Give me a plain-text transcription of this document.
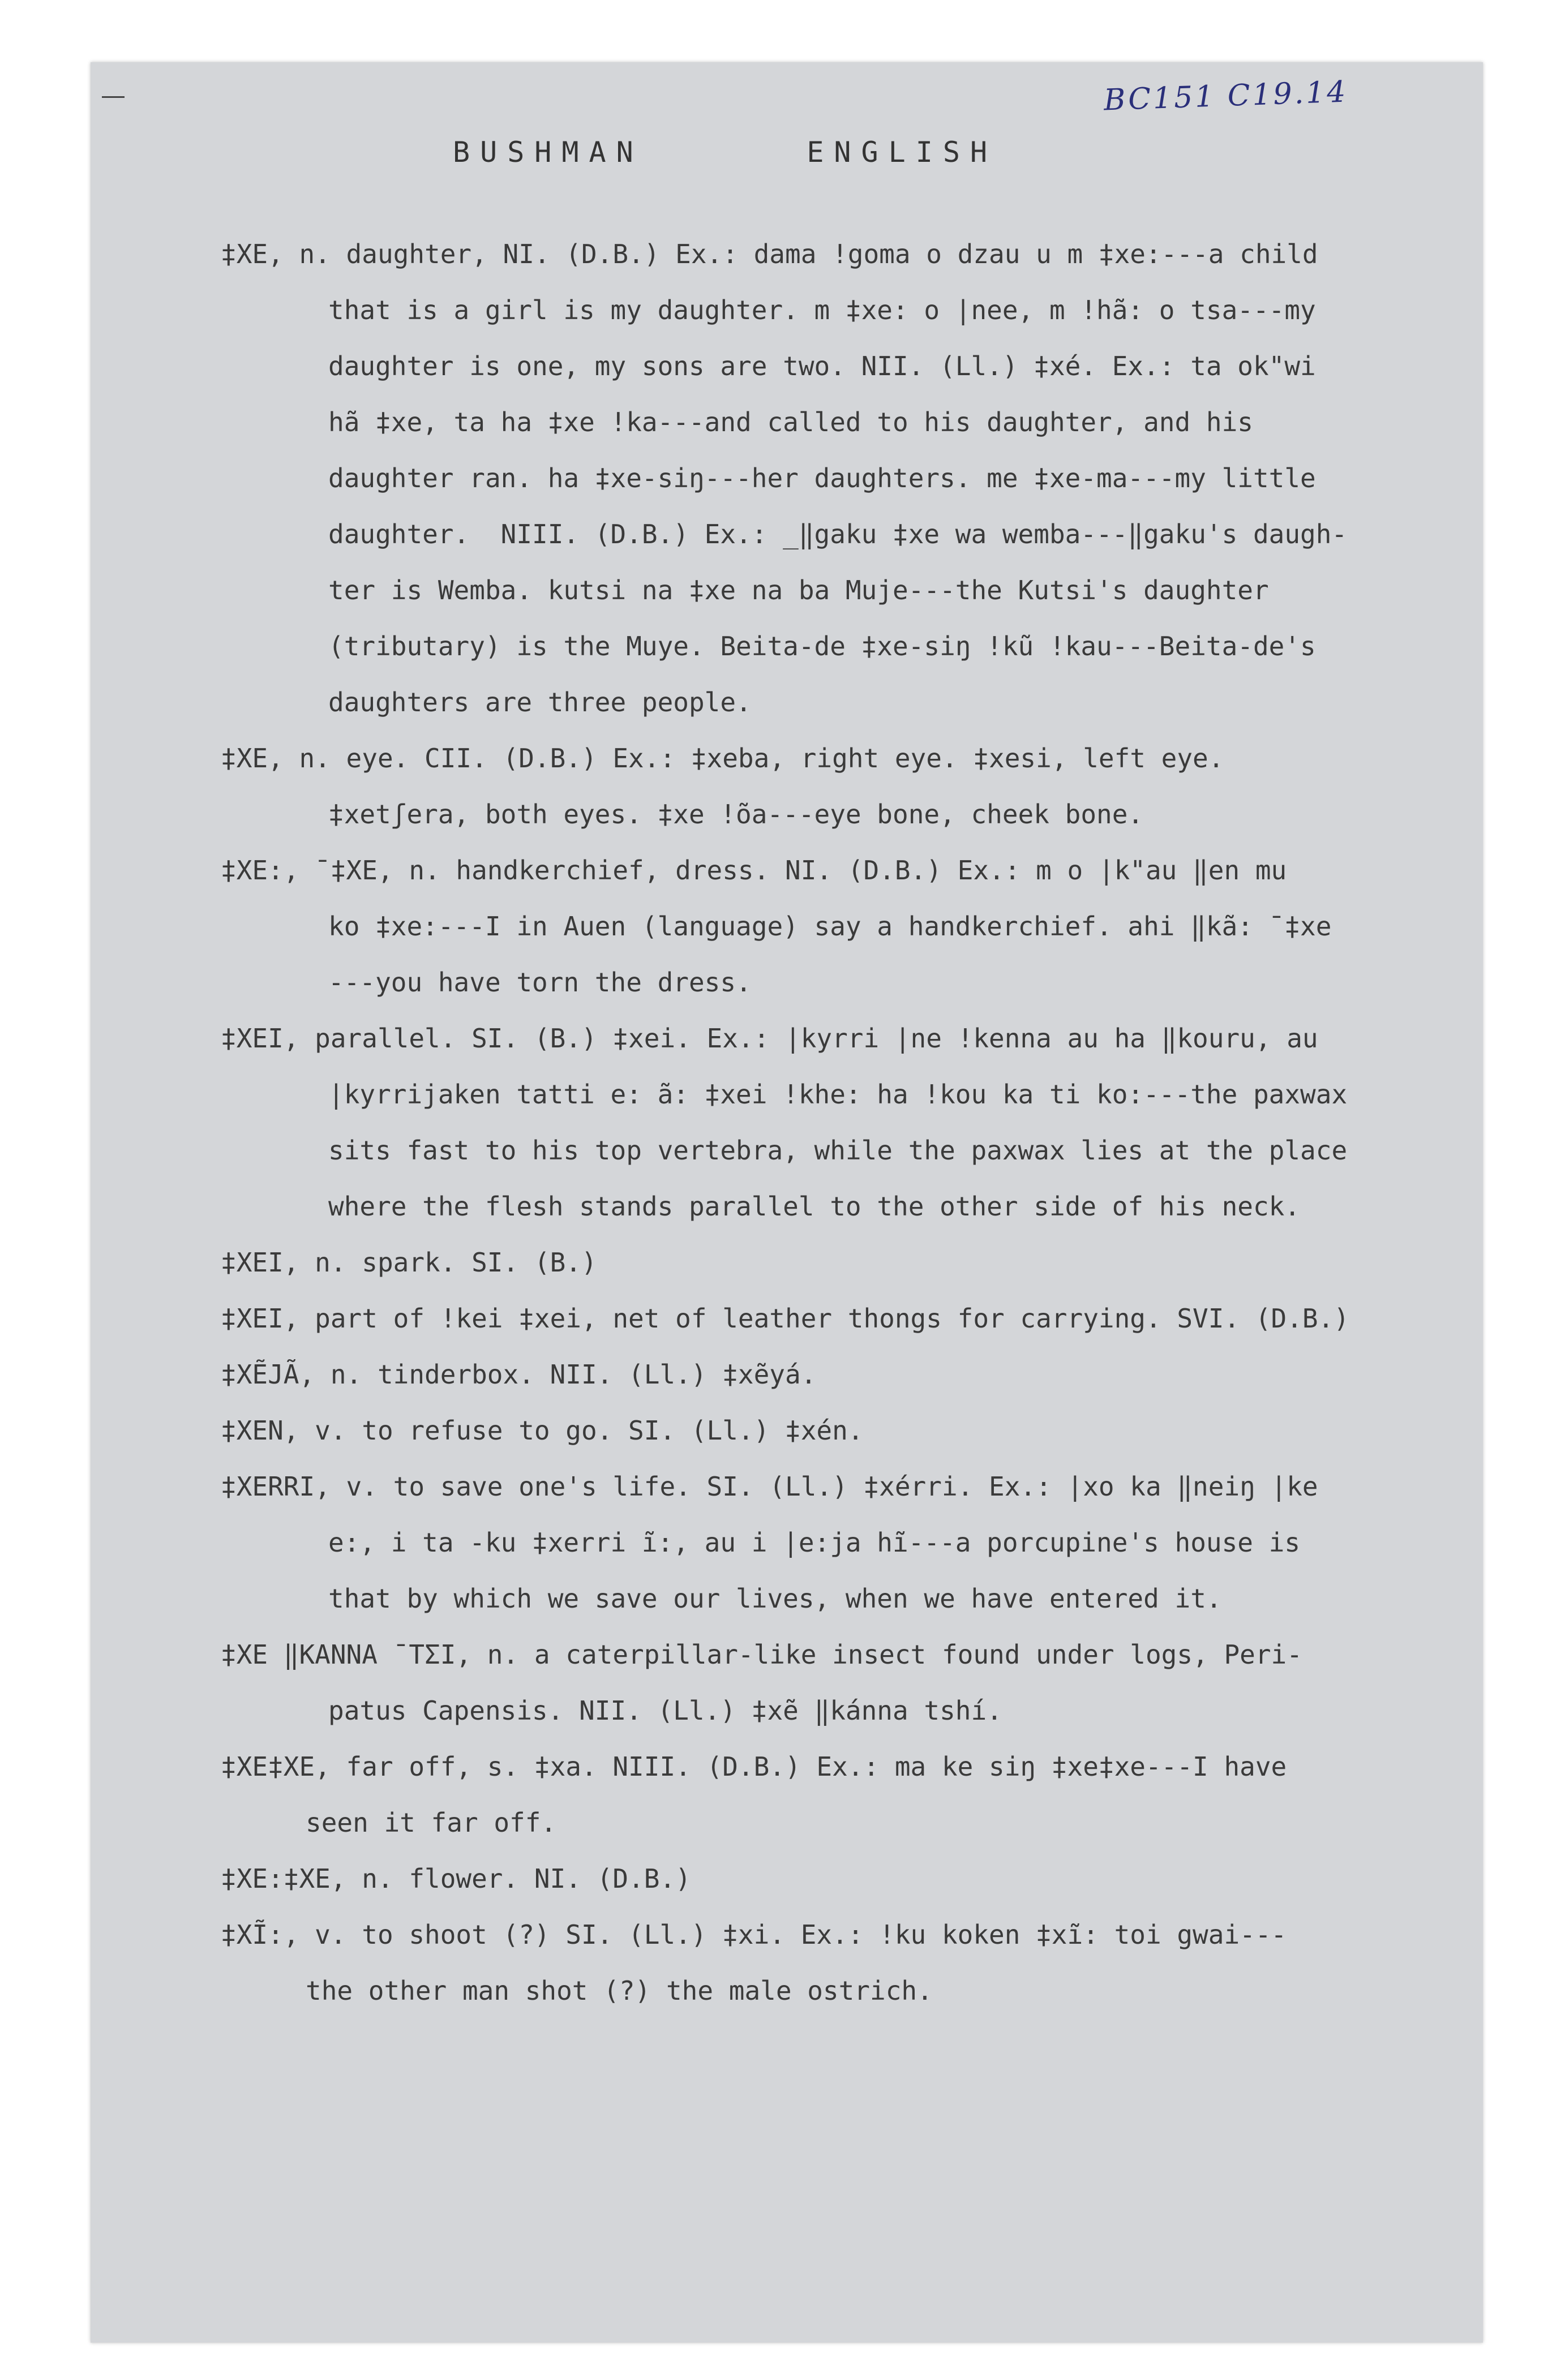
BC151 C19.14
BUSHMAN      ENGLISH
‡XE, n. daughter, NI. (D.B.) Ex.: dama !goma o dzau u m ‡xe:---a child
that is a girl is my daughter. m ‡xe: o |nee, m !hã: o tsa---my
daughter is one, my sons are two. NII. (Ll.) ‡xé. Ex.: ta ok"wi
hã ‡xe, ta ha ‡xe !ka---and called to his daughter, and his
daughter ran. ha ‡xe-siŋ---her daughters. me ‡xe-ma---my little
daughter.  NIII. (D.B.) Ex.: _‖gaku ‡xe wa wemba---‖gaku's daugh-
ter is Wemba. kutsi na ‡xe na ba Muje---the Kutsi's daughter
(tributary) is the Muye. Beita-de ‡xe-siŋ !kũ !kau---Beita-de's
daughters are three people.
‡XE, n. eye. CII. (D.B.) Ex.: ‡xeba, right eye. ‡xesi, left eye.
‡xetʃera, both eyes. ‡xe !õa---eye bone, cheek bone.
‡XE:, ¯‡XE, n. handkerchief, dress. NI. (D.B.) Ex.: m o |k"au ‖en mu
ko ‡xe:---I in Auen (language) say a handkerchief. ahi ‖kã: ¯‡xe
---you have torn the dress.
‡XEI, parallel. SI. (B.) ‡xei. Ex.: |kyrri |ne !kenna au ha ‖kouru, au
|kyrrijaken tatti e: ã: ‡xei !khe: ha !kou ka ti ko:---the paxwax
sits fast to his top vertebra, while the paxwax lies at the place
where the flesh stands parallel to the other side of his neck.
‡XEI, n. spark. SI. (B.)
‡XEI, part of !kei ‡xei, net of leather thongs for carrying. SVI. (D.B.)
‡XẼJÃ, n. tinderbox. NII. (Ll.) ‡xẽyá.
‡XEN, v. to refuse to go. SI. (Ll.) ‡xén.
‡XERRI, v. to save one's life. SI. (Ll.) ‡xérri. Ex.: |xo ka ‖neiŋ |ke
e:, i ta -ku ‡xerri ĩ:, au i |e:ja hĩ---a porcupine's house is
that by which we save our lives, when we have entered it.
‡XE ‖KANNA ¯TΣI, n. a caterpillar-like insect found under logs, Peri-
patus Capensis. NII. (Ll.) ‡xẽ ‖kánna tshí.
‡XE‡XE, far off, s. ‡xa. NIII. (D.B.) Ex.: ma ke siŋ ‡xe‡xe---I have
seen it far off.
‡XE:‡XE, n. flower. NI. (D.B.)
‡XĨ:, v. to shoot (?) SI. (Ll.) ‡xi. Ex.: !ku koken ‡xĩ: toi gwai---
the other man shot (?) the male ostrich.
